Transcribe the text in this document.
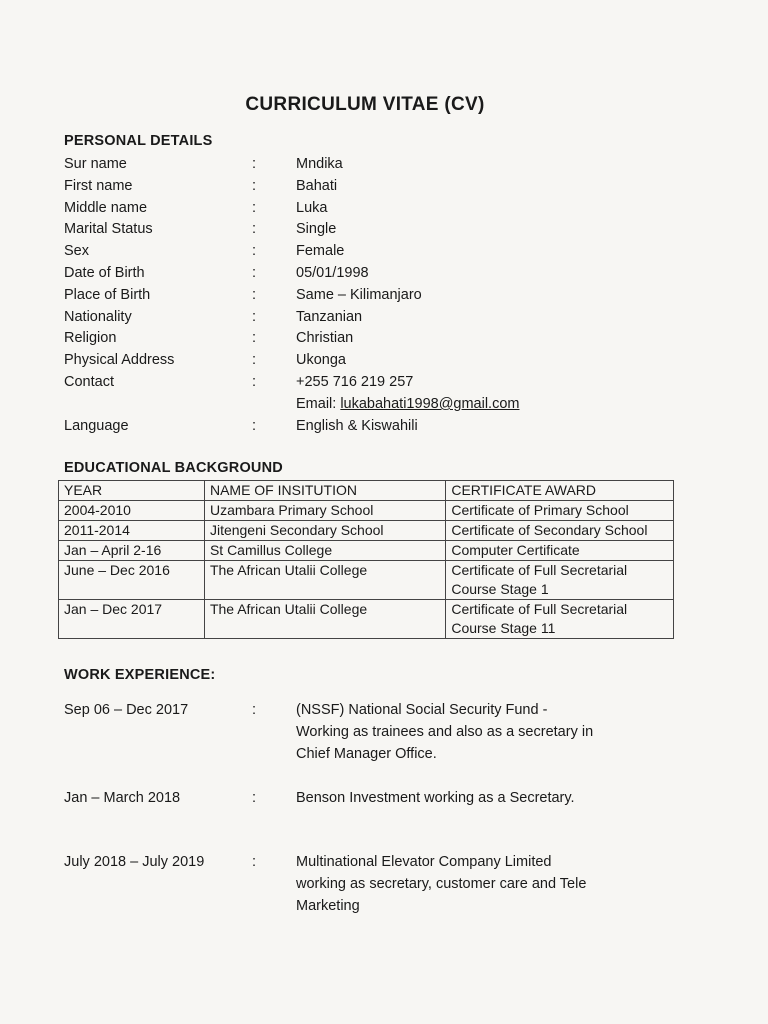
CURRICULUM VITAE (CV)
PERSONAL DETAILS
Sur name	:	Mndika
First name	:	Bahati
Middle name	:	Luka
Marital Status	:	Single
Sex	:	Female
Date of Birth	:	05/01/1998
Place of Birth	:	Same – Kilimanjaro
Nationality	:	Tanzanian
Religion	:	Christian
Physical Address	:	Ukonga
Contact	:	+255 716 219 257
Email: lukabahati1998@gmail.com
Language	:	English & Kiswahili
EDUCATIONAL BACKGROUND
YEAR	NAME OF INSITUTION	CERTIFICATE AWARD
2004-2010	Uzambara Primary School	Certificate of Primary School
2011-2014	Jitengeni Secondary School	Certificate of Secondary School
Jan – April 2-16	St Camillus College	Computer Certificate
June – Dec 2016	The African Utalii College	Certificate of Full Secretarial Course Stage 1
Jan – Dec 2017	The African Utalii College	Certificate of Full Secretarial Course Stage 11
WORK EXPERIENCE:
Sep 06 – Dec 2017	:	(NSSF) National Social Security Fund - Working as trainees and also as a secretary in Chief Manager Office.
Jan – March 2018	:	Benson Investment working as a Secretary.
July 2018 – July 2019	:	Multinational Elevator Company Limited working as secretary, customer care and Tele Marketing
